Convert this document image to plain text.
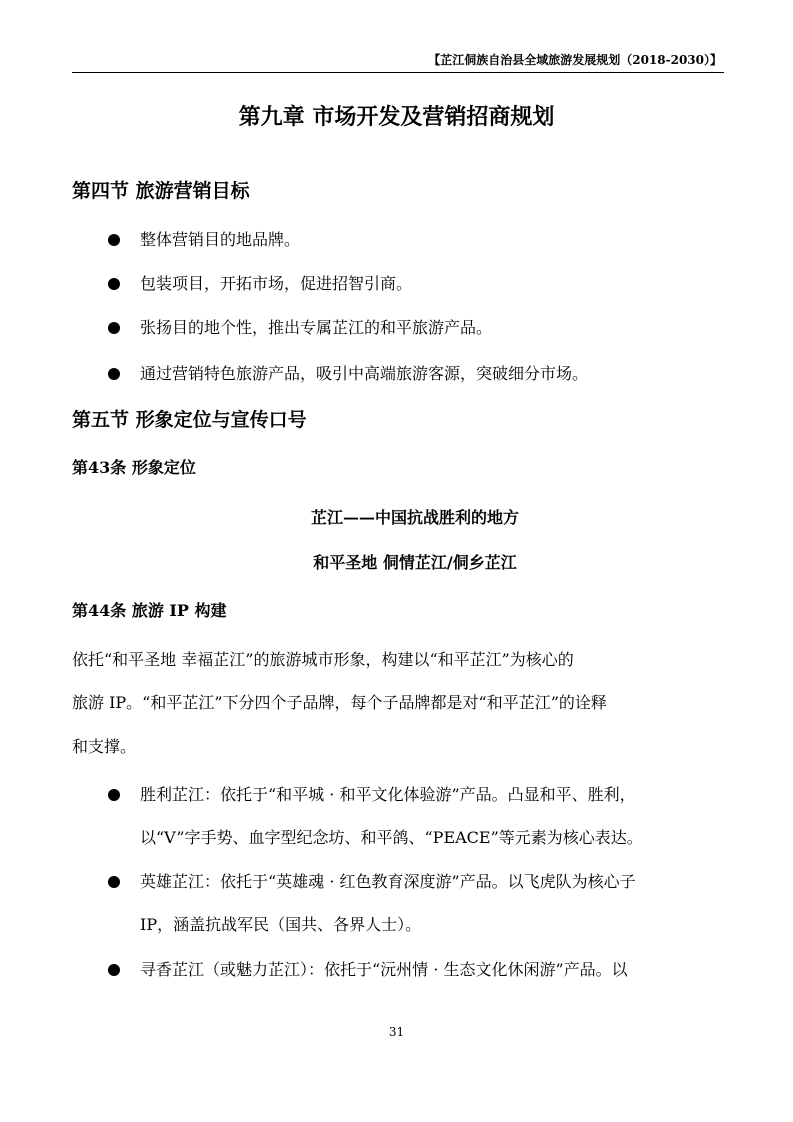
【芷江侗族自治县全域旅游发展规划（2018-2030）】
第九章 市场开发及营销招商规划
第四节 旅游营销目标
整体营销目的地品牌。
包装项目，开拓市场，促进招智引商。
张扬目的地个性，推出专属芷江的和平旅游产品。
通过营销特色旅游产品，吸引中高端旅游客源，突破细分市场。
第五节 形象定位与宣传口号
第43条 形象定位
芷江——中国抗战胜利的地方
和平圣地 侗情芷江/侗乡芷江
第44条 旅游 IP 构建
依托“和平圣地 幸福芷江”的旅游城市形象，构建以“和平芷江”为核心的
旅游 IP。“和平芷江”下分四个子品牌，每个子品牌都是对“和平芷江”的诠释
和支撑。
胜利芷江：依托于“和平城 · 和平文化体验游”产品。凸显和平、胜利，
以“V”字手势、血字型纪念坊、和平鸽、“PEACE”等元素为核心表达。
英雄芷江：依托于“英雄魂 · 红色教育深度游”产品。以飞虎队为核心子
IP，涵盖抗战军民（国共、各界人士）。
寻香芷江（或魅力芷江）：依托于“沅州情 · 生态文化休闲游”产品。以
31
